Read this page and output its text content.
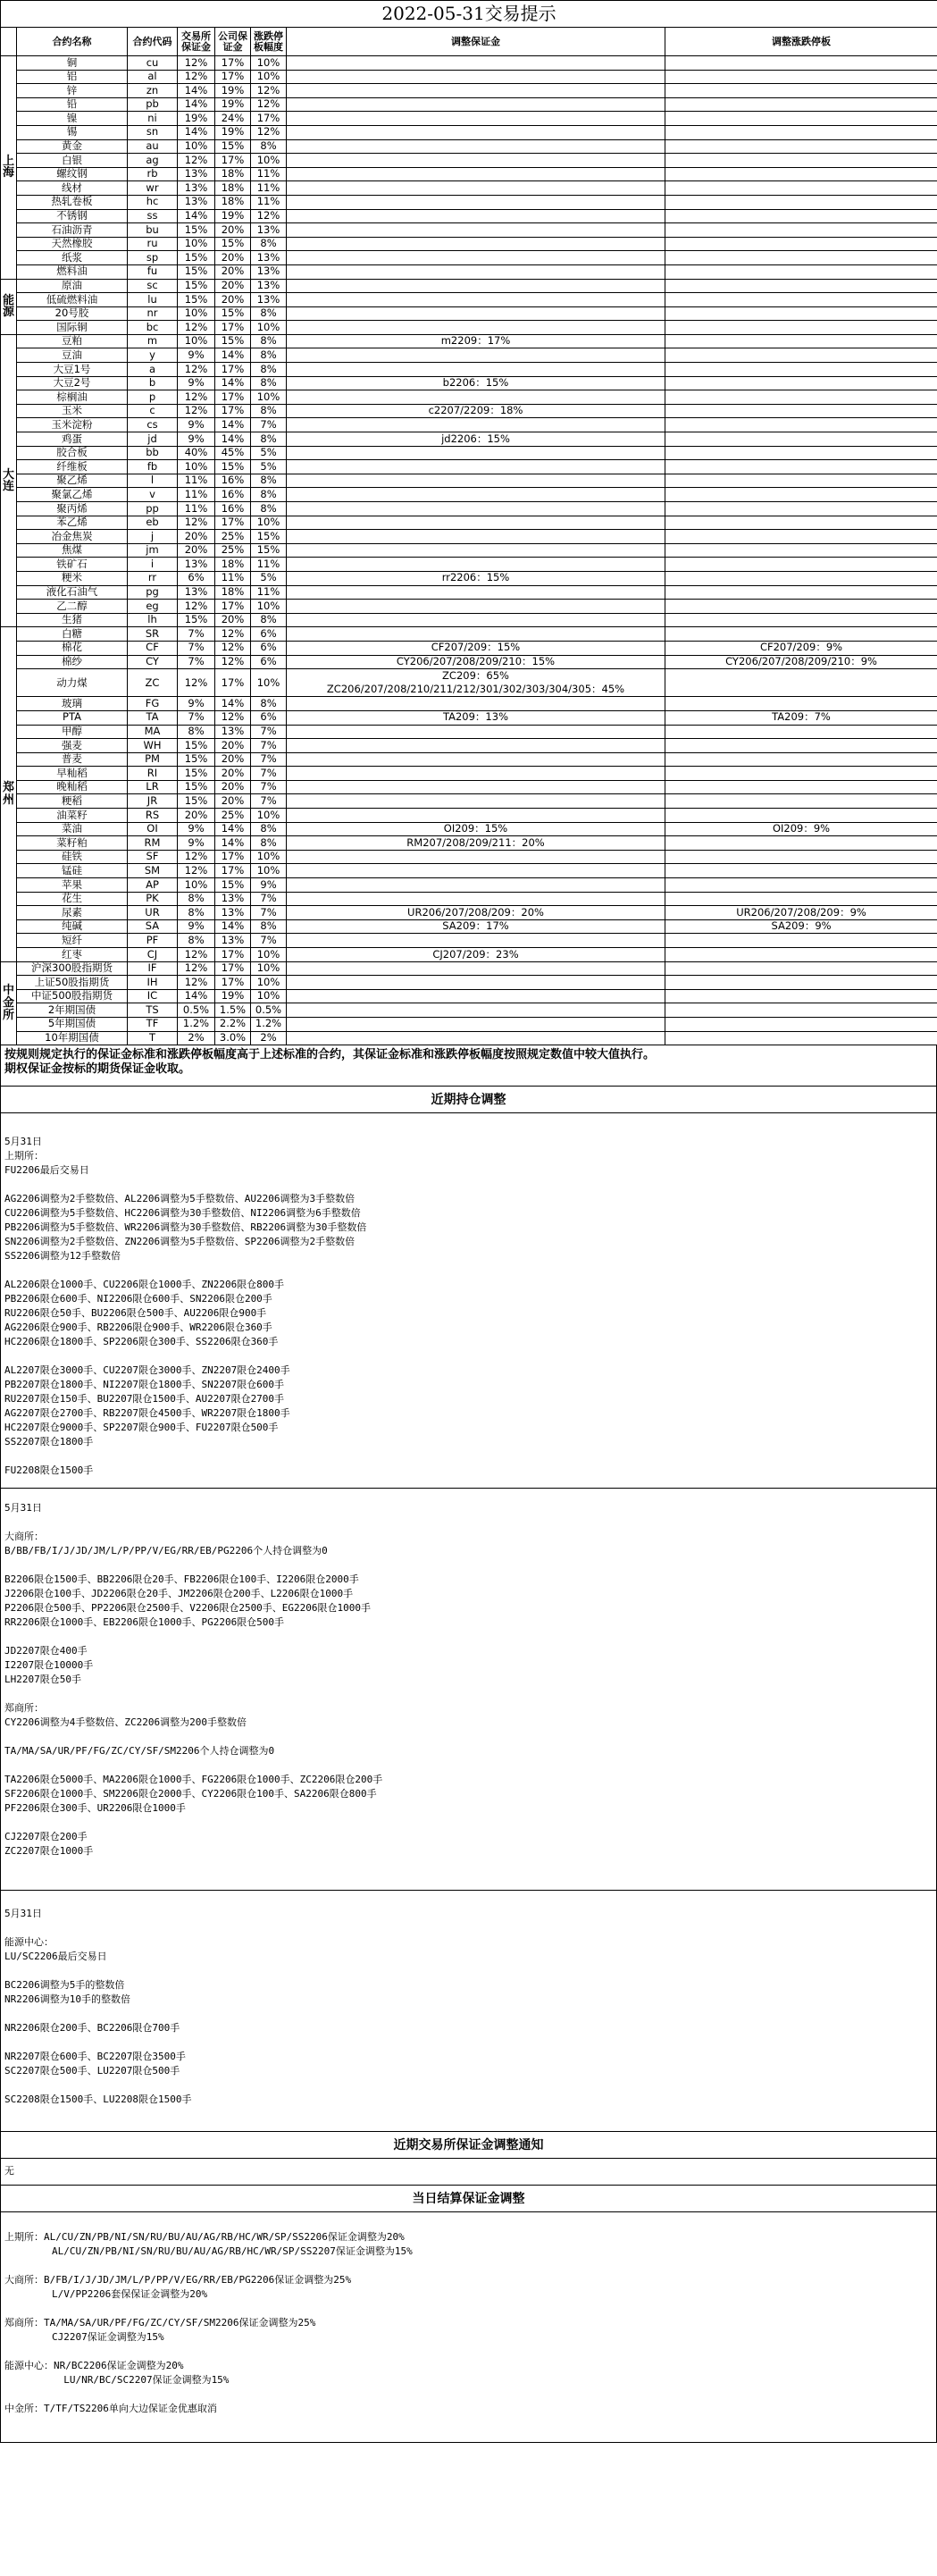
2022-05-31交易提示							
	合约名称	合约代码	交易所保证金	公司保证金	涨跌停板幅度	调整保证金	调整涨跌停板
上海	铜	cu	12%	17%	10%		
	铝	al	12%	17%	10%		
	锌	zn	14%	19%	12%		
	铅	pb	14%	19%	12%		
	镍	ni	19%	24%	17%		
	锡	sn	14%	19%	12%		
	黄金	au	10%	15%	8%		
	白银	ag	12%	17%	10%		
	螺纹钢	rb	13%	18%	11%		
	线材	wr	13%	18%	11%		
	热轧卷板	hc	13%	18%	11%		
	不锈钢	ss	14%	19%	12%		
	石油沥青	bu	15%	20%	13%		
	天然橡胶	ru	10%	15%	8%		
	纸浆	sp	15%	20%	13%		
	燃料油	fu	15%	20%	13%		
能源	原油	sc	15%	20%	13%		
	低硫燃料油	lu	15%	20%	13%		
	20号胶	nr	10%	15%	8%		
	国际铜	bc	12%	17%	10%		
大连	豆粕	m	10%	15%	8%	m2209：17%	
	豆油	y	9%	14%	8%		
	大豆1号	a	12%	17%	8%		
	大豆2号	b	9%	14%	8%	b2206：15%	
	棕榈油	p	12%	17%	10%		
	玉米	c	12%	17%	8%	c2207/2209：18%	
	玉米淀粉	cs	9%	14%	7%		
	鸡蛋	jd	9%	14%	8%	jd2206：15%	
	胶合板	bb	40%	45%	5%		
	纤维板	fb	10%	15%	5%		
	聚乙烯	l	11%	16%	8%		
	聚氯乙烯	v	11%	16%	8%		
	聚丙烯	pp	11%	16%	8%		
	苯乙烯	eb	12%	17%	10%		
	冶金焦炭	j	20%	25%	15%		
	焦煤	jm	20%	25%	15%		
	铁矿石	i	13%	18%	11%		
	粳米	rr	6%	11%	5%	rr2206：15%	
	液化石油气	pg	13%	18%	11%		
	乙二醇	eg	12%	17%	10%		
	生猪	lh	15%	20%	8%		
郑州	白糖	SR	7%	12%	6%		
	棉花	CF	7%	12%	6%	CF207/209：15%	CF207/209：9%
	棉纱	CY	7%	12%	6%	CY206/207/208/209/210：15%	CY206/207/208/209/210：9%
	动力煤	ZC	12%	17%	10%	ZC209：65%
ZC206/207/208/210/211/212/301/302/303/304/305：45%	

	玻璃	FG	9%	14%	8%		
	PTA	TA	7%	12%	6%	TA209：13%	TA209：7%
	甲醇	MA	8%	13%	7%		
	强麦	WH	15%	20%	7%		
	普麦	PM	15%	20%	7%		
	早籼稻	RI	15%	20%	7%		
	晚籼稻	LR	15%	20%	7%		
	粳稻	JR	15%	20%	7%		
	油菜籽	RS	20%	25%	10%		
	菜油	OI	9%	14%	8%	OI209：15%	OI209：9%
	菜籽粕	RM	9%	14%	8%	RM207/208/209/211：20%	
	硅铁	SF	12%	17%	10%		
	锰硅	SM	12%	17%	10%		
	苹果	AP	10%	15%	9%		
	花生	PK	8%	13%	7%		
	尿素	UR	8%	13%	7%	UR206/207/208/209：20%	UR206/207/208/209：9%
	纯碱	SA	9%	14%	8%	SA209：17%	SA209：9%
	短纤	PF	8%	13%	7%		
	红枣	CJ	12%	17%	10%	CJ207/209：23%	
中金所	沪深300股指期货	IF	12%	17%	10%		
	上证50股指期货	IH	12%	17%	10%		
	中证500股指期货	IC	14%	19%	10%		
	2年期国债	TS	0.5%	1.5%	0.5%		
	5年期国债	TF	1.2%	2.2%	1.2%		
	10年期国债	T	2%	3.0%	2%		
按规则规定执行的保证金标准和涨跌停板幅度高于上述标准的合约，其保证金标准和涨跌停板幅度按照规定数值中较大值执行。
期权保证金按标的期货保证金收取。
近期持仓调整
5月31日
上期所：
FU2206最后交易日
AG2206调整为2手整数倍、AL2206调整为5手整数倍、AU2206调整为3手整数倍
CU2206调整为5手整数倍、HC2206调整为30手整数倍、NI2206调整为6手整数倍
PB2206调整为5手整数倍、WR2206调整为30手整数倍、RB2206调整为30手整数倍
SN2206调整为2手整数倍、ZN2206调整为5手整数倍、SP2206调整为2手整数倍
SS2206调整为12手整数倍
AL2206限仓1000手、CU2206限仓1000手、ZN2206限仓800手
PB2206限仓600手、NI2206限仓600手、SN2206限仓200手
RU2206限仓50手、BU2206限仓500手、AU2206限仓900手
AG2206限仓900手、RB2206限仓900手、WR2206限仓360手
HC2206限仓1800手、SP2206限仓300手、SS2206限仓360手
AL2207限仓3000手、CU2207限仓3000手、ZN2207限仓2400手
PB2207限仓1800手、NI2207限仓1800手、SN2207限仓600手
RU2207限仓150手、BU2207限仓1500手、AU2207限仓2700手
AG2207限仓2700手、RB2207限仓4500手、WR2207限仓1800手
HC2207限仓9000手、SP2207限仓900手、FU2207限仓500手
SS2207限仓1800手
FU2208限仓1500手
5月31日
大商所：
B/BB/FB/I/J/JD/JM/L/P/PP/V/EG/RR/EB/PG2206个人持仓调整为0
B2206限仓1500手、BB2206限仓20手、FB2206限仓100手、I2206限仓2000手
J2206限仓100手、JD2206限仓20手、JM2206限仓200手、L2206限仓1000手
P2206限仓500手、PP2206限仓2500手、V2206限仓2500手、EG2206限仓1000手
RR2206限仓1000手、EB2206限仓1000手、PG2206限仓500手
JD2207限仓400手
I2207限仓10000手
LH2207限仓50手
郑商所：
CY2206调整为4手整数倍、ZC2206调整为200手整数倍
TA/MA/SA/UR/PF/FG/ZC/CY/SF/SM2206个人持仓调整为0
TA2206限仓5000手、MA2206限仓1000手、FG2206限仓1000手、ZC2206限仓200手
SF2206限仓1000手、SM2206限仓2000手、CY2206限仓100手、SA2206限仓800手
PF2206限仓300手、UR2206限仓1000手
CJ2207限仓200手
ZC2207限仓1000手
5月31日
能源中心：
LU/SC2206最后交易日
BC2206调整为5手的整数倍
NR2206调整为10手的整数倍
NR2206限仓200手、BC2206限仓700手
NR2207限仓600手、BC2207限仓3500手
SC2207限仓500手、LU2207限仓500手
SC2208限仓1500手、LU2208限仓1500手
近期交易所保证金调整通知
无
当日结算保证金调整
上期所：AL/CU/ZN/PB/NI/SN/RU/BU/AU/AG/RB/HC/WR/SP/SS2206保证金调整为20%
AL/CU/ZN/PB/NI/SN/RU/BU/AU/AG/RB/HC/WR/SP/SS2207保证金调整为15%
大商所：B/FB/I/J/JD/JM/L/P/PP/V/EG/RR/EB/PG2206保证金调整为25%
L/V/PP2206套保保证金调整为20%
郑商所：TA/MA/SA/UR/PF/FG/ZC/CY/SF/SM2206保证金调整为25%
CJ2207保证金调整为15%
能源中心：NR/BC2206保证金调整为20%
LU/NR/BC/SC2207保证金调整为15%
中金所：T/TF/TS2206单向大边保证金优惠取消
